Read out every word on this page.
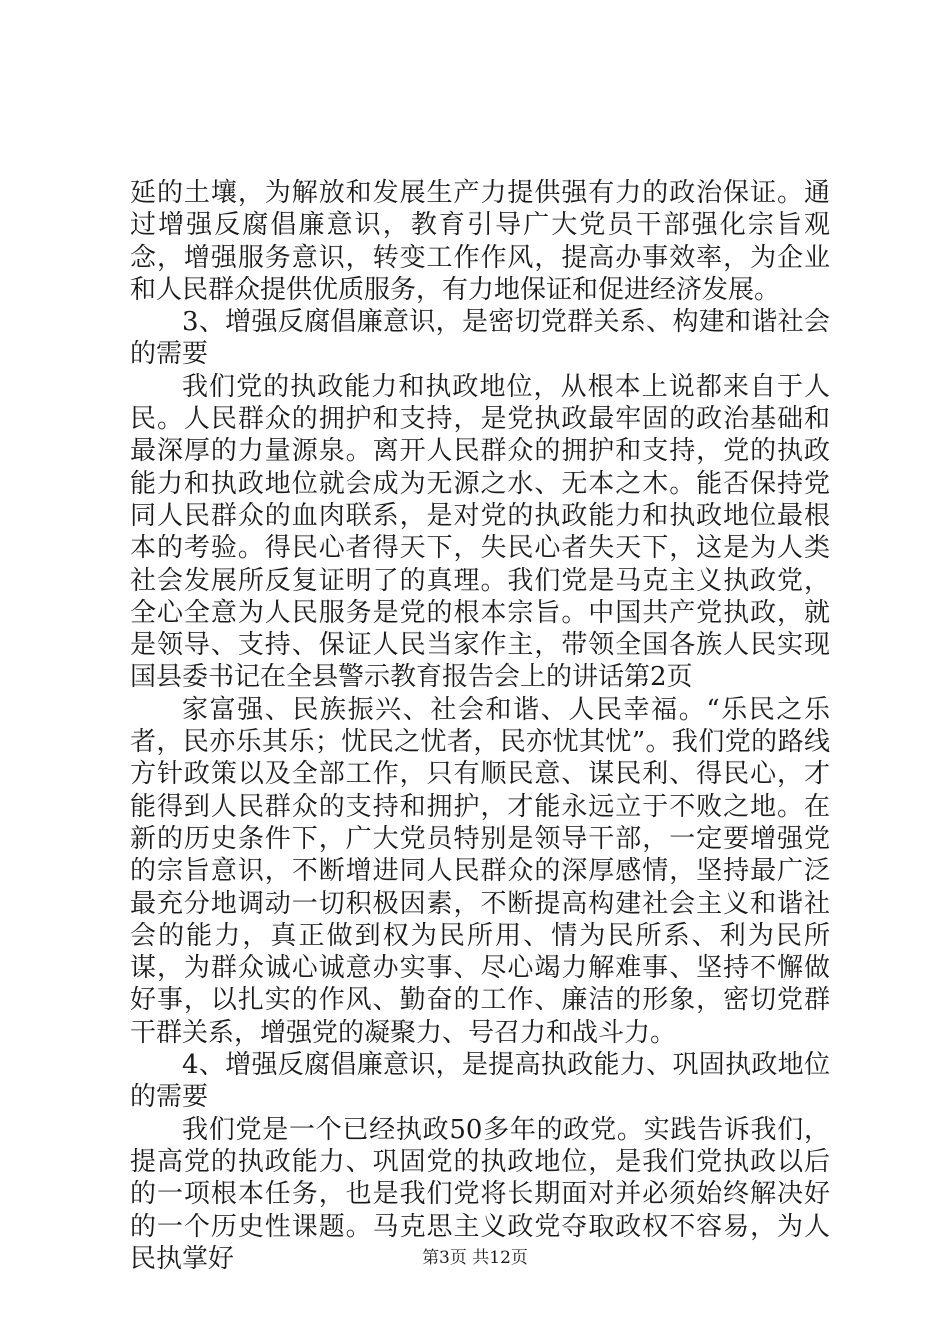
延的土壤，为解放和发展生产力提供强有力的政治保证。通过增强反腐倡廉意识，教育引导广大党员干部强化宗旨观念，增强服务意识，转变工作作风，提高办事效率，为企业和人民群众提供优质服务，有力地保证和促进经济发展。

3、增强反腐倡廉意识，是密切党群关系、构建和谐社会的需要

我们党的执政能力和执政地位，从根本上说都来自于人民。人民群众的拥护和支持，是党执政最牢固的政治基础和最深厚的力量源泉。离开人民群众的拥护和支持，党的执政能力和执政地位就会成为无源之水、无本之木。能否保持党同人民群众的血肉联系，是对党的执政能力和执政地位最根本的考验。得民心者得天下，失民心者失天下，这是为人类社会发展所反复证明了的真理。我们党是马克主义执政党，全心全意为人民服务是党的根本宗旨。中国共产党执政，就是领导、支持、保证人民当家作主，带领全国各族人民实现国县委书记在全县警示教育报告会上的讲话第2页

家富强、民族振兴、社会和谐、人民幸福。“乐民之乐者，民亦乐其乐；忧民之忧者，民亦忧其忧”。我们党的路线方针政策以及全部工作，只有顺民意、谋民利、得民心，才能得到人民群众的支持和拥护，才能永远立于不败之地。在新的历史条件下，广大党员特别是领导干部，一定要增强党的宗旨意识，不断增进同人民群众的深厚感情，坚持最广泛最充分地调动一切积极因素，不断提高构建社会主义和谐社会的能力，真正做到权为民所用、情为民所系、利为民所谋，为群众诚心诚意办实事、尽心竭力解难事、坚持不懈做好事，以扎实的作风、勤奋的工作、廉洁的形象，密切党群干群关系，增强党的凝聚力、号召力和战斗力。

4、增强反腐倡廉意识，是提高执政能力、巩固执政地位的需要

我们党是一个已经执政50多年的政党。实践告诉我们，提高党的执政能力、巩固党的执政地位，是我们党执政以后的一项根本任务，也是我们党将长期面对并必须始终解决好的一个历史性课题。马克思主义政党夺取政权不容易，为人民执掌好	第3页 共12页
